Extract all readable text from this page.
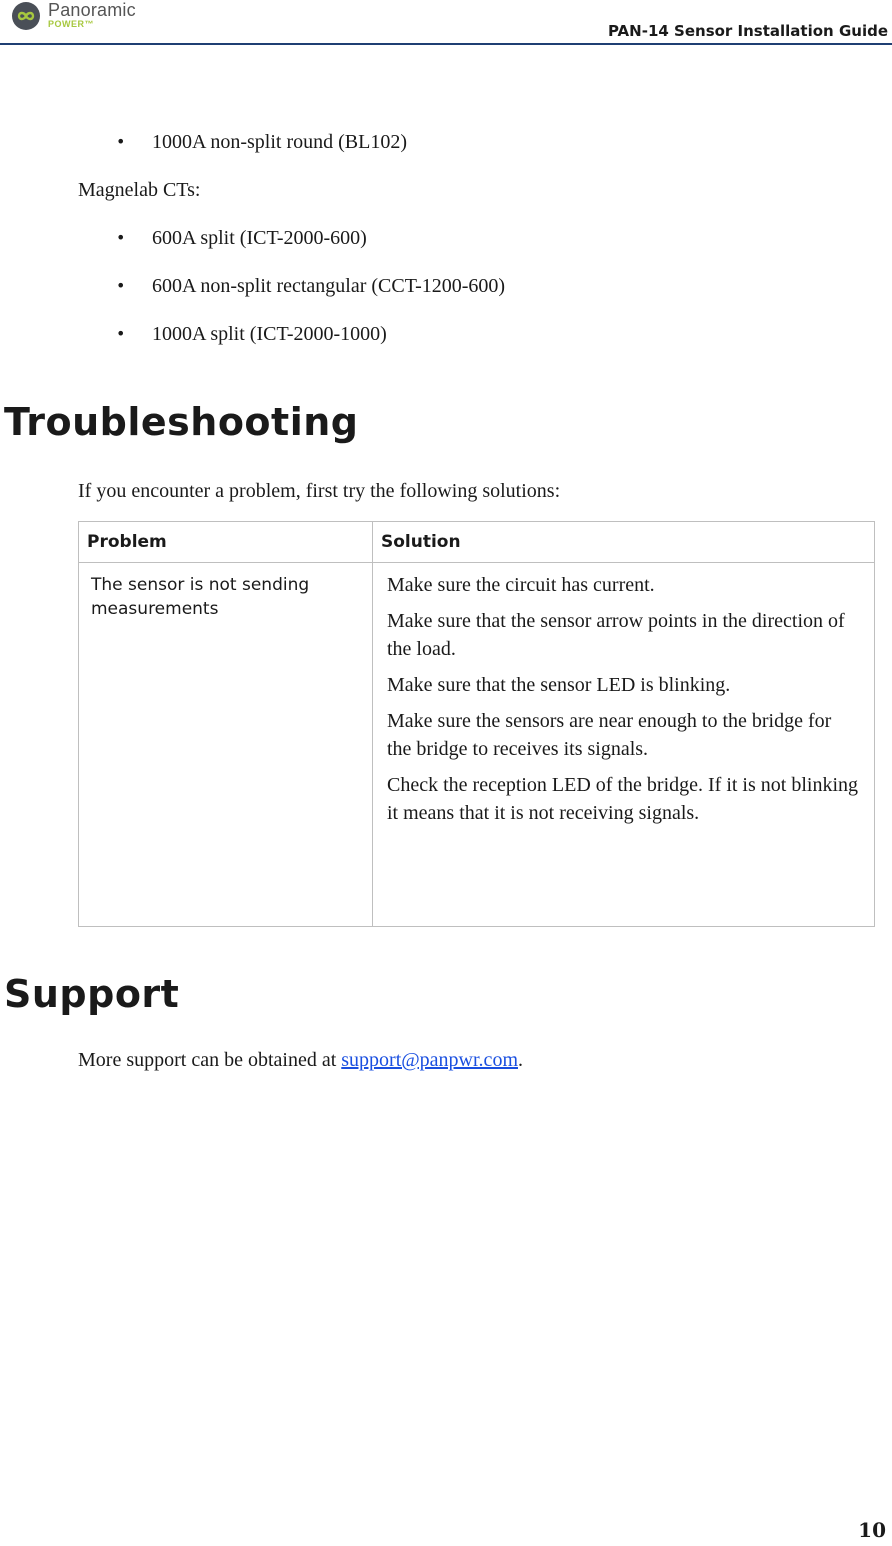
Panoramic
POWER™	PAN-14 Sensor Installation Guide
• 1000A non-split round (BL102)
Magnelab CTs:
• 600A split (ICT-2000-600)
• 600A non-split rectangular (CCT-1200-600)
• 1000A split (ICT-2000-1000)
Troubleshooting
If you encounter a problem, first try the following solutions:
Problem	Solution
The sensor is not sending measurements	Make sure the circuit has current.
Make sure that the sensor arrow points in the direction of the load.
Make sure that the sensor LED is blinking.
Make sure the sensors are near enough to the bridge for the bridge to receives its signals.
Check the reception LED of the bridge. If it is not blinking it means that it is not receiving signals.
Support
More support can be obtained at support@panpwr.com.
10
